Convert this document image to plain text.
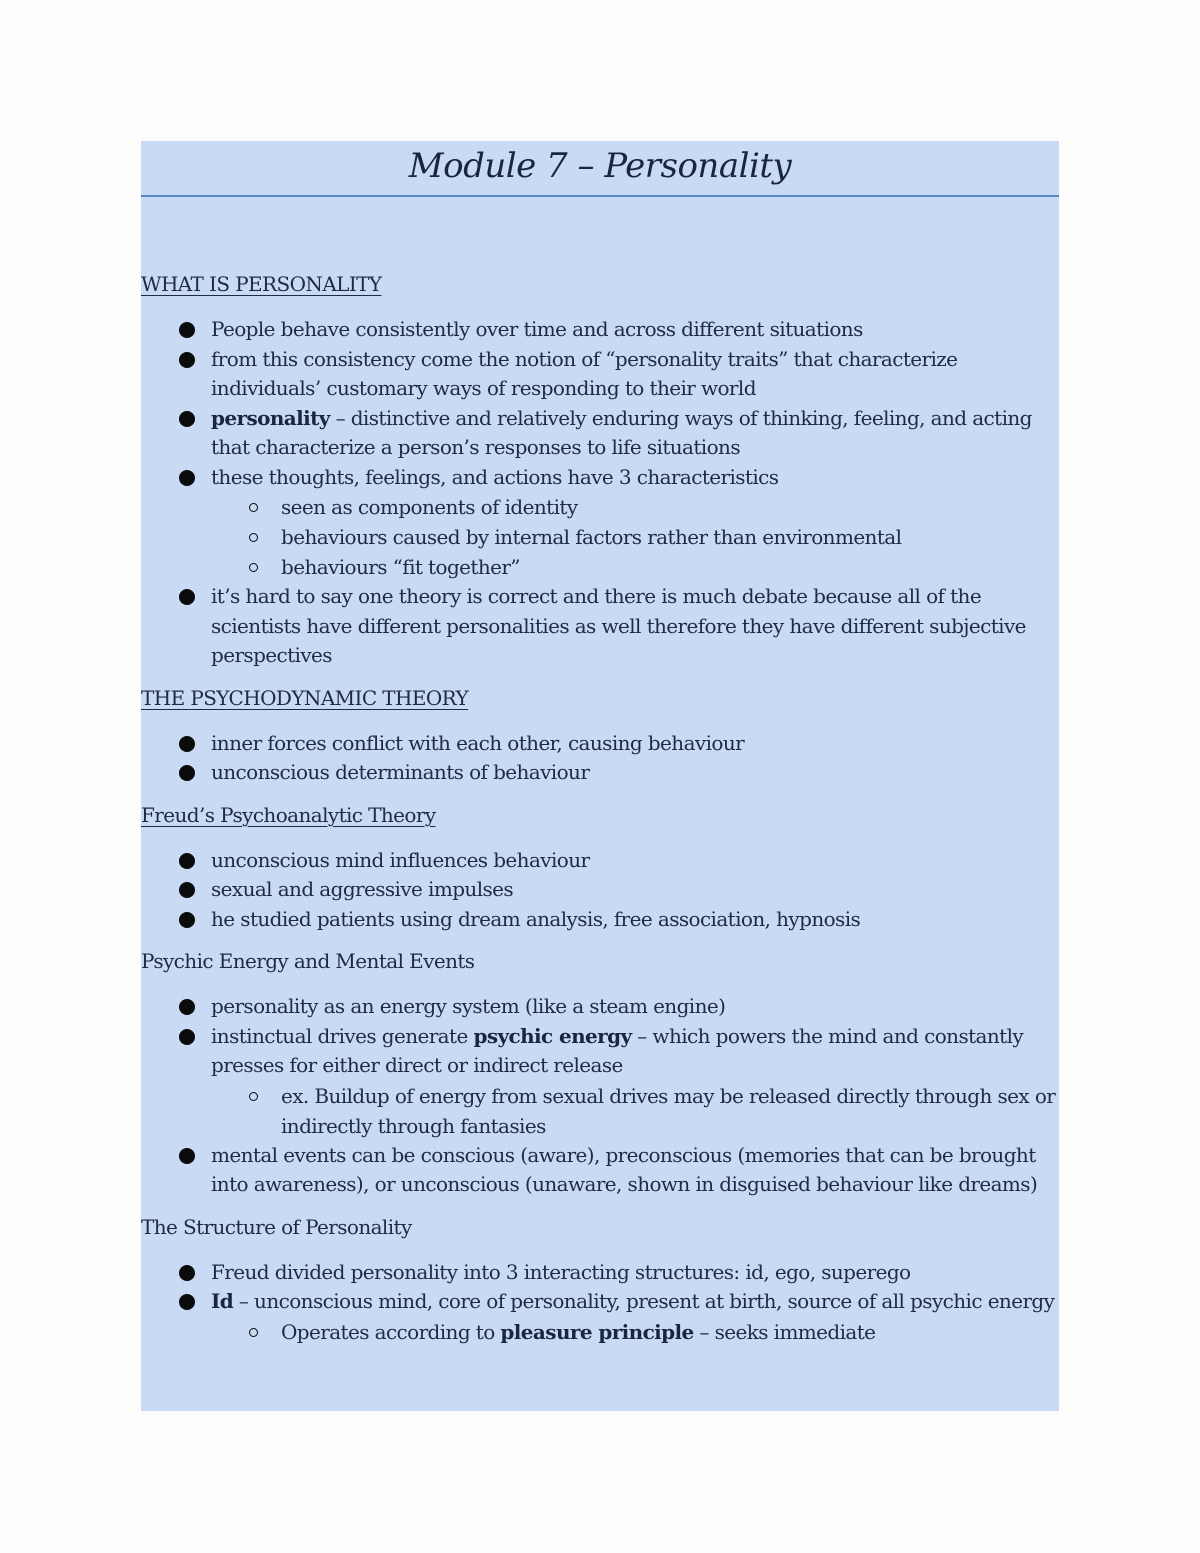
Module 7 – Personality
WHAT IS PERSONALITY
People behave consistently over time and across different situations
from this consistency come the notion of “personality traits” that characterize individuals’ customary ways of responding to their world
personality – distinctive and relatively enduring ways of thinking, feeling, and acting that characterize a person’s responses to life situations
these thoughts, feelings, and actions have 3 characteristics
seen as components of identity
behaviours caused by internal factors rather than environmental
behaviours “fit together”
it’s hard to say one theory is correct and there is much debate because all of the scientists have different personalities as well therefore they have different subjective perspectives
THE PSYCHODYNAMIC THEORY
inner forces conflict with each other, causing behaviour
unconscious determinants of behaviour
Freud’s Psychoanalytic Theory
unconscious mind influences behaviour
sexual and aggressive impulses
he studied patients using dream analysis, free association, hypnosis
Psychic Energy and Mental Events
personality as an energy system (like a steam engine)
instinctual drives generate psychic energy – which powers the mind and constantly presses for either direct or indirect release
ex. Buildup of energy from sexual drives may be released directly through sex or indirectly through fantasies
mental events can be conscious (aware), preconscious (memories that can be brought into awareness), or unconscious (unaware, shown in disguised behaviour like dreams)
The Structure of Personality
Freud divided personality into 3 interacting structures: id, ego, superego
Id – unconscious mind, core of personality, present at birth, source of all psychic energy
Operates according to pleasure principle – seeks immediate
